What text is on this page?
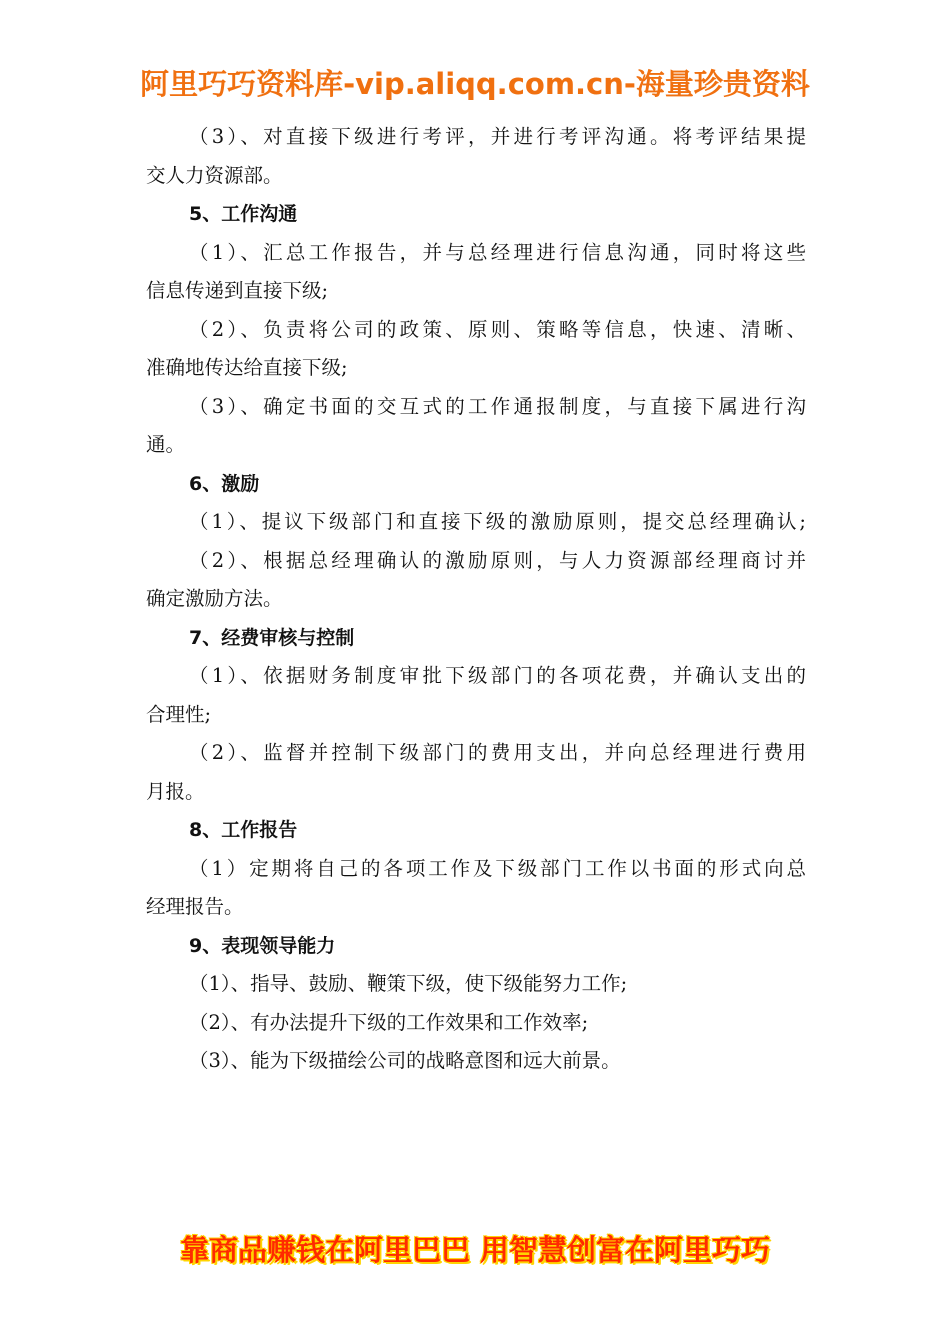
阿里巧巧资料库-vip.aliqq.com.cn-海量珍贵资料
（3）、对直接下级进行考评，并进行考评沟通。将考评结果提
交人力资源部。
5、工作沟通
（1）、汇总工作报告，并与总经理进行信息沟通，同时将这些
信息传递到直接下级;
（2）、负责将公司的政策、原则、策略等信息，快速、清晰、
准确地传达给直接下级;
（3）、确定书面的交互式的工作通报制度，与直接下属进行沟
通。
6、激励
（1）、提议下级部门和直接下级的激励原则，提交总经理确认;
（2）、根据总经理确认的激励原则，与人力资源部经理商讨并
确定激励方法。
7、经费审核与控制
（1）、依据财务制度审批下级部门的各项花费，并确认支出的
合理性;
（2）、监督并控制下级部门的费用支出，并向总经理进行费用
月报。
8、工作报告
（1）定期将自己的各项工作及下级部门工作以书面的形式向总
经理报告。
9、表现领导能力
（1）、指导、鼓励、鞭策下级，使下级能努力工作;
（2）、有办法提升下级的工作效果和工作效率;
（3）、能为下级描绘公司的战略意图和远大前景。
靠商品赚钱在阿里巴巴 用智慧创富在阿里巧巧
